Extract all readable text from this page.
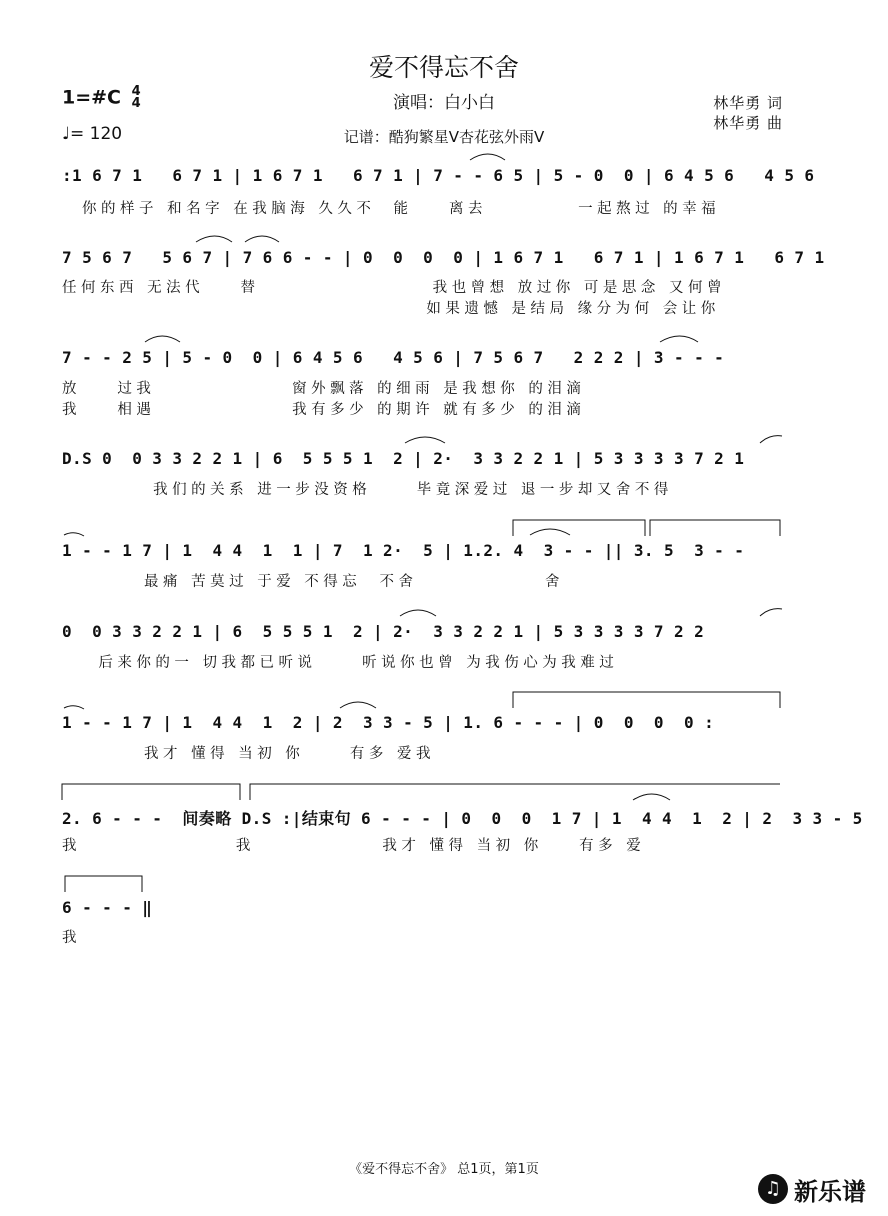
爱不得忘不舍
演唱：白小白
1=#C 4
4
♩= 120
林华勇 词
林华勇 曲
记谱：酷狗繁星V杏花弦外雨V
:1 6 7 1   6 7 1 | 1 6 7 1   6 7 1 | 7 - - 6 5 | 5 - 0  0 | 6 4 5 6   4 5 6
你的样子 和名字 在我脑海 久久不  能    离去          一起熬过 的幸福
7 5 6 7   5 6 7 | 7 6 6 - - | 0  0  0  0 | 1 6 7 1   6 7 1 | 1 6 7 1   6 7 1
任何东西 无法代    替                   我也曾想 放过你 可是思念 又何曾
如果遗憾 是结局 缘分为何 会让你
7 - - 2 5 | 5 - 0  0 | 6 4 5 6   4 5 6 | 7 5 6 7   2 2 2 | 3 - - -
放    过我               窗外飘落 的细雨 是我想你 的泪滴
我    相遇               我有多少 的期许 就有多少 的泪滴
D.S 0  0 3 3 2 2 1 | 6  5 5 5 1  2 | 2·  3 3 2 2 1 | 5 3 3 3 3 7 2 1
我们的关系 进一步没资格     毕竟深爱过 退一步却又舍不得
1 - - 1 7 | 1  4 4  1  1 | 7  1 2·  5 | 1.2. 4  3 - - || 3. 5  3 - -
最痛 苦莫过 于爱 不得忘  不舍              舍
0  0 3 3 2 2 1 | 6  5 5 5 1  2 | 2·  3 3 2 2 1 | 5 3 3 3 3 7 2 2
后来你的一 切我都已听说     听说你也曾 为我伤心为我难过
1 - - 1 7 | 1  4 4  1  2 | 2  3 3 - 5 | 1. 6 - - - | 0  0  0  0 :
我才 懂得 当初 你     有多 爱我
2. 6 - - -  间奏略 D.S :|结束句 6 - - - | 0  0  0  1 7 | 1  4 4  1  2 | 2  3 3 - 5
我                 我              我才 懂得 当初 你    有多 爱
6 - - - ‖
我
《爱不得忘不舍》 总1页，第1页
♫ 新乐谱
